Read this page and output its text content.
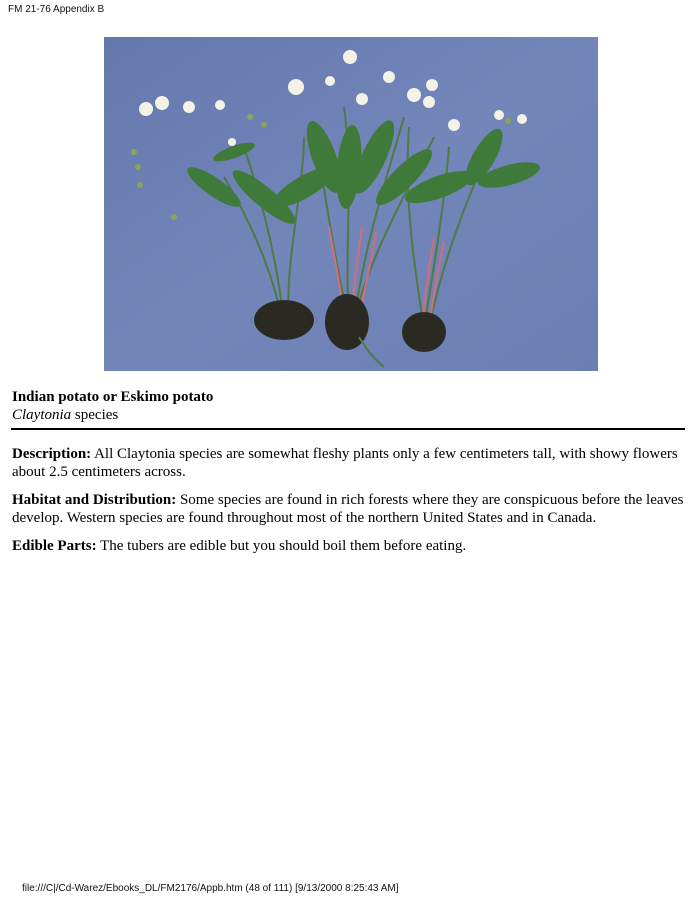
FM 21-76 Appendix B
Indian potato or Eskimo potato
Claytonia species

Description: All Claytonia species are somewhat fleshy plants only a few centimeters tall, with showy flowers about 2.5 centimeters across.

Habitat and Distribution: Some species are found in rich forests where they are conspicuous before the leaves develop. Western species are found throughout most of the northern United States and in Canada.

Edible Parts: The tubers are edible but you should boil them before eating.

file:///C|/Cd-Warez/Ebooks_DL/FM2176/Appb.htm (48 of 111) [9/13/2000 8:25:43 AM]
